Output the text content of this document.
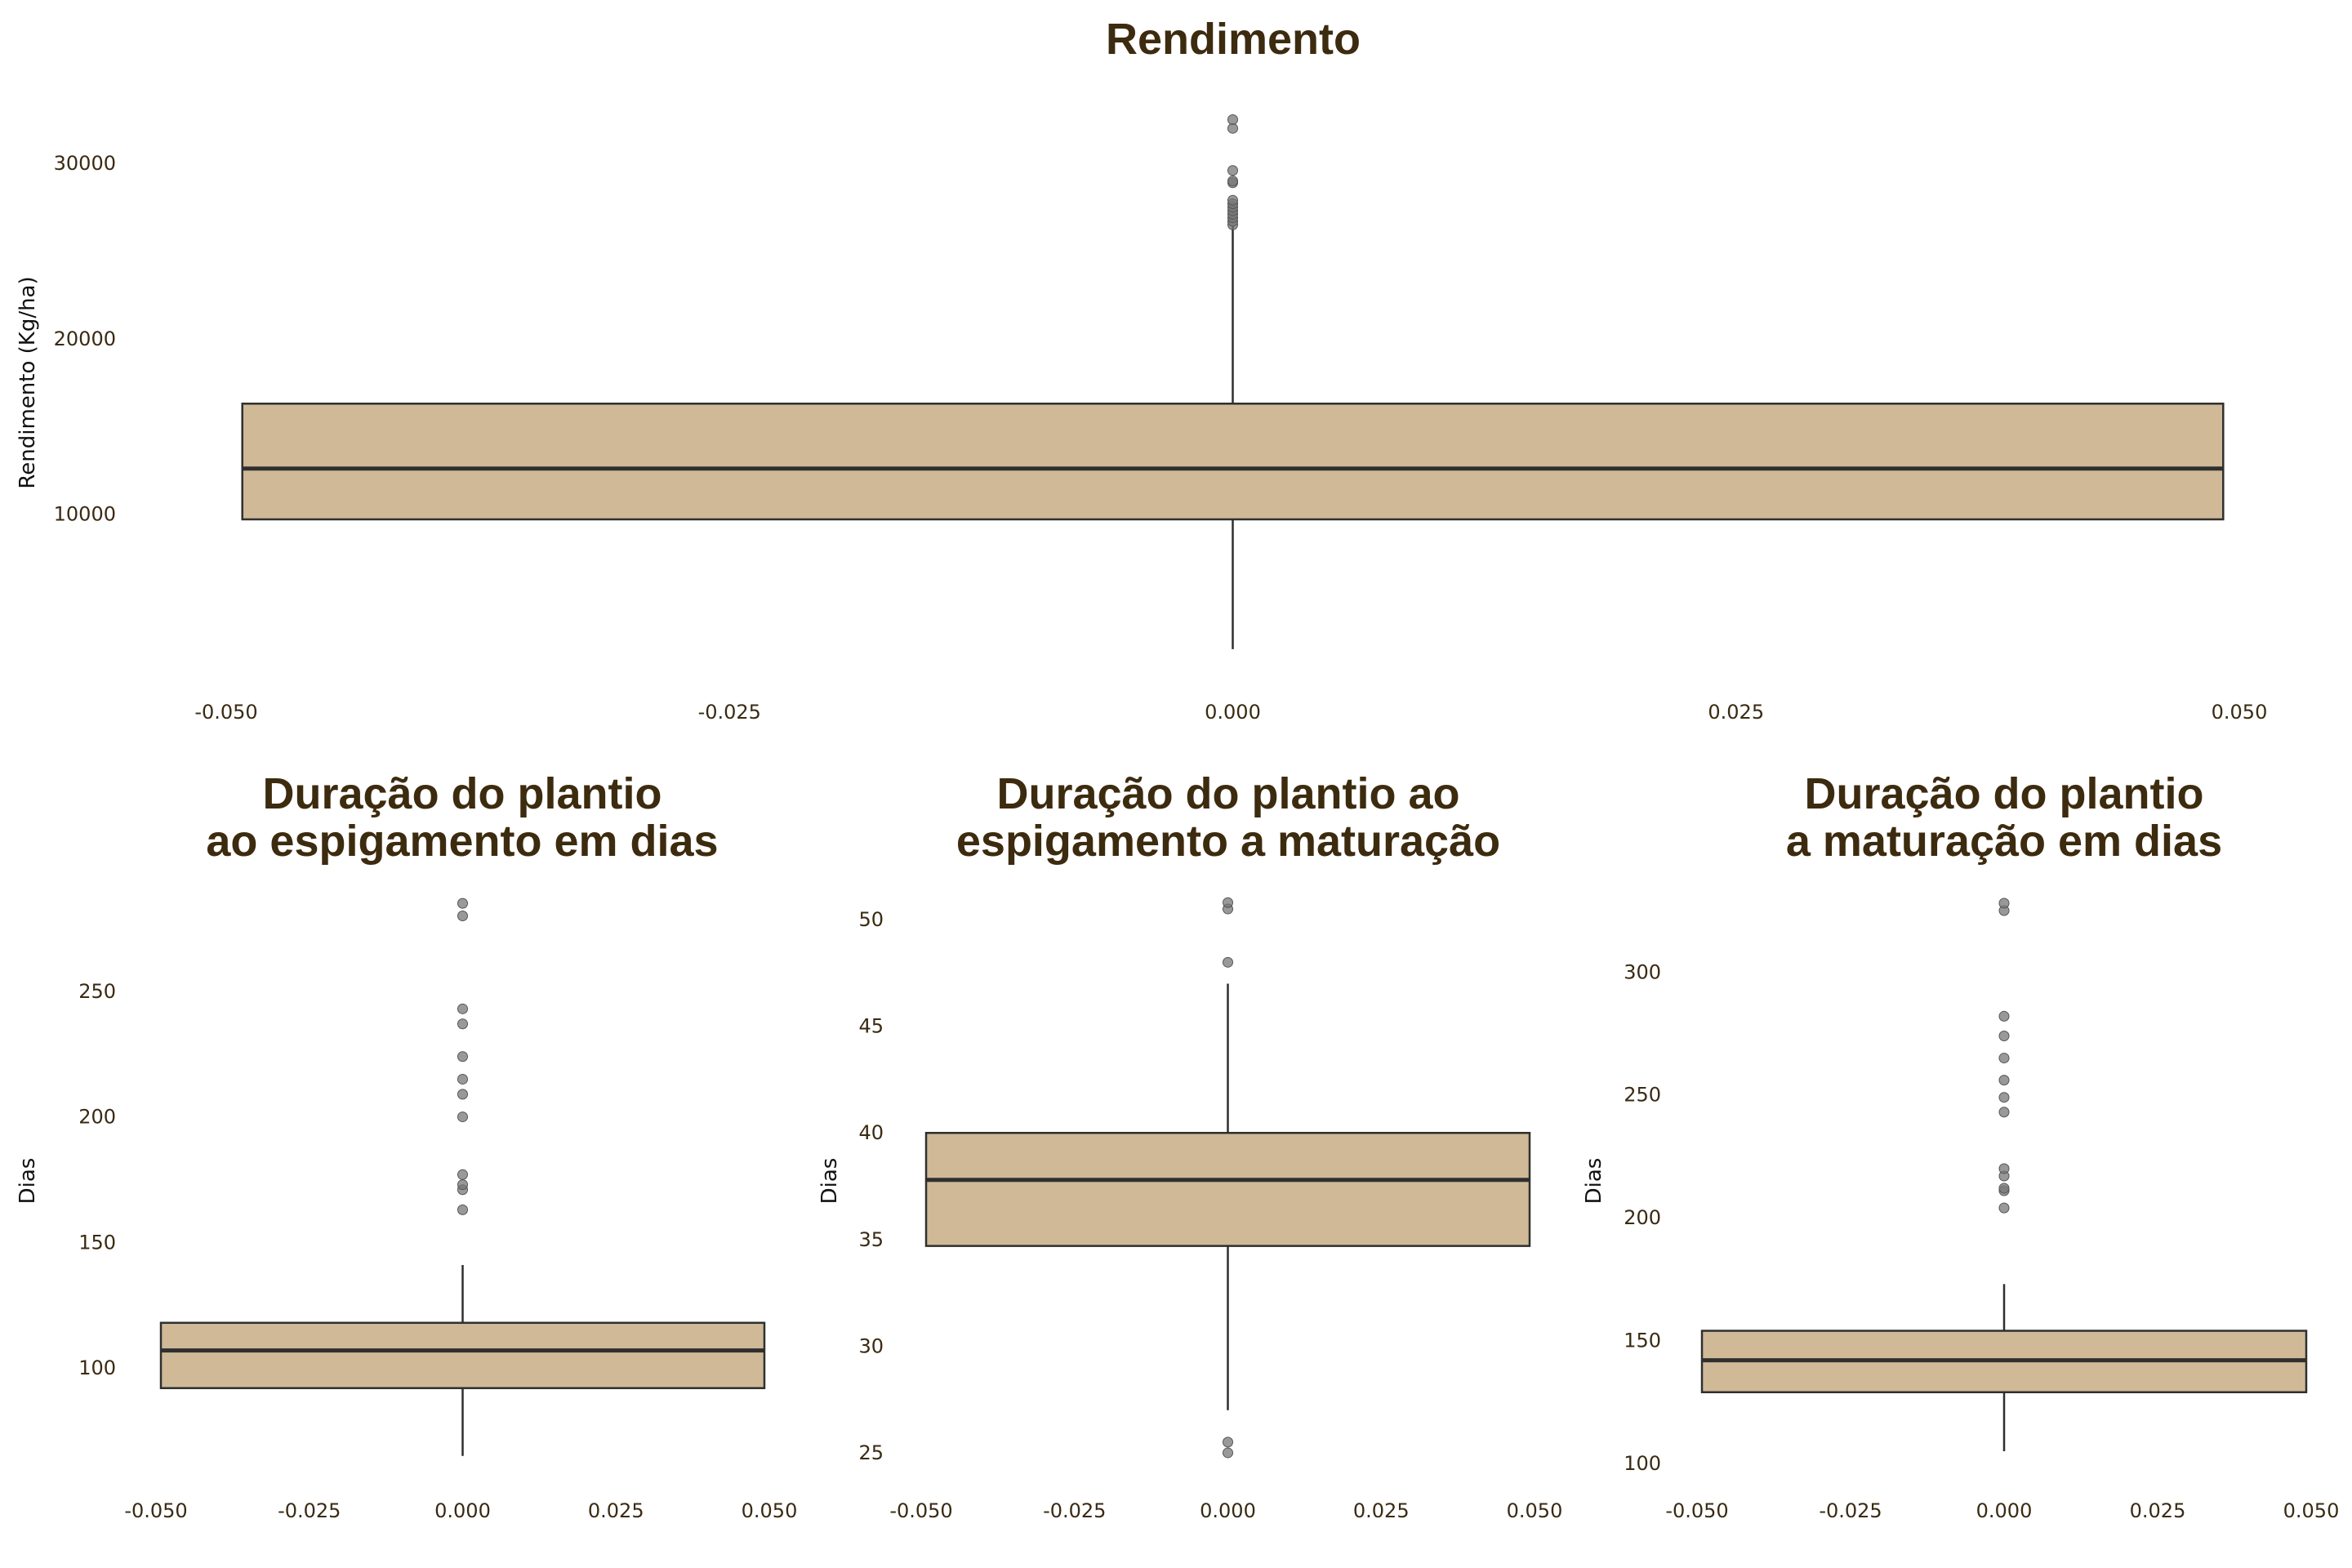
Rendimento
Rendimento (Kg/ha)
10000
20000
30000
-0.050	-0.025	0.000	0.025	0.050
Duração do plantio
ao espigamento em dias
Dias
100
150
200
250
-0.050	-0.025	0.000	0.025	0.050
Duração do plantio ao
espigamento a maturação
Dias
25
30
35
40
45
50
-0.050	-0.025	0.000	0.025	0.050
Duração do plantio
a maturação em dias
Dias
100
150
200
250
300
-0.050	-0.025	0.000	0.025	0.050
